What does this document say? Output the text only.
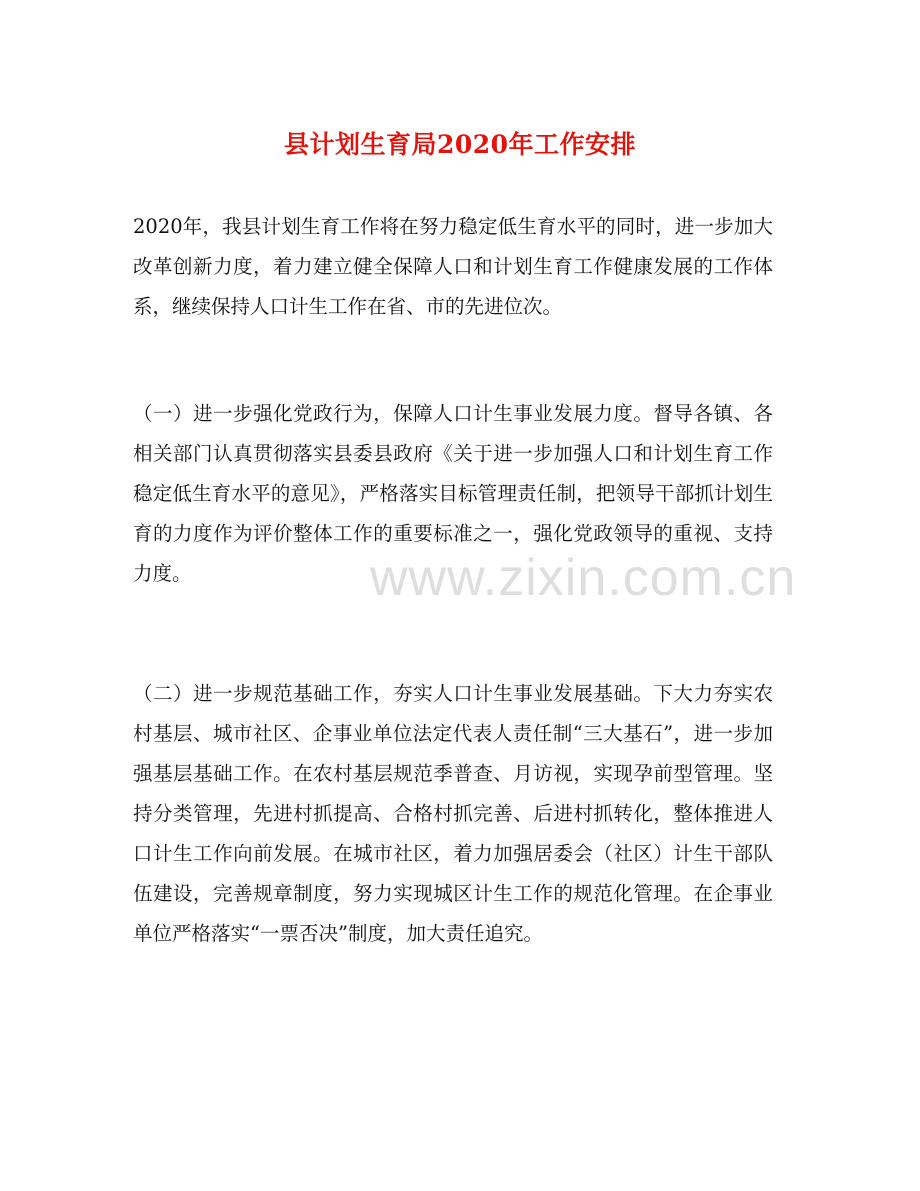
县计划生育局2020年工作安排

2020年，我县计划生育工作将在努力稳定低生育水平的同时，进一步加大改革创新力度，着力建立健全保障人口和计划生育工作健康发展的工作体系，继续保持人口计生工作在省、市的先进位次。

（一）进一步强化党政行为，保障人口计生事业发展力度。督导各镇、各相关部门认真贯彻落实县委县政府《关于进一步加强人口和计划生育工作稳定低生育水平的意见》，严格落实目标管理责任制，把领导干部抓计划生育的力度作为评价整体工作的重要标准之一，强化党政领导的重视、支持力度。

（二）进一步规范基础工作，夯实人口计生事业发展基础。下大力夯实农村基层、城市社区、企事业单位法定代表人责任制“三大基石”，进一步加强基层基础工作。在农村基层规范季普查、月访视，实现孕前型管理。坚持分类管理，先进村抓提高、合格村抓完善、后进村抓转化，整体推进人口计生工作向前发展。在城市社区，着力加强居委会（社区）计生干部队伍建设，完善规章制度，努力实现城区计生工作的规范化管理。在企事业单位严格落实“一票否决”制度，加大责任追究。

www.zixin.com.cn
